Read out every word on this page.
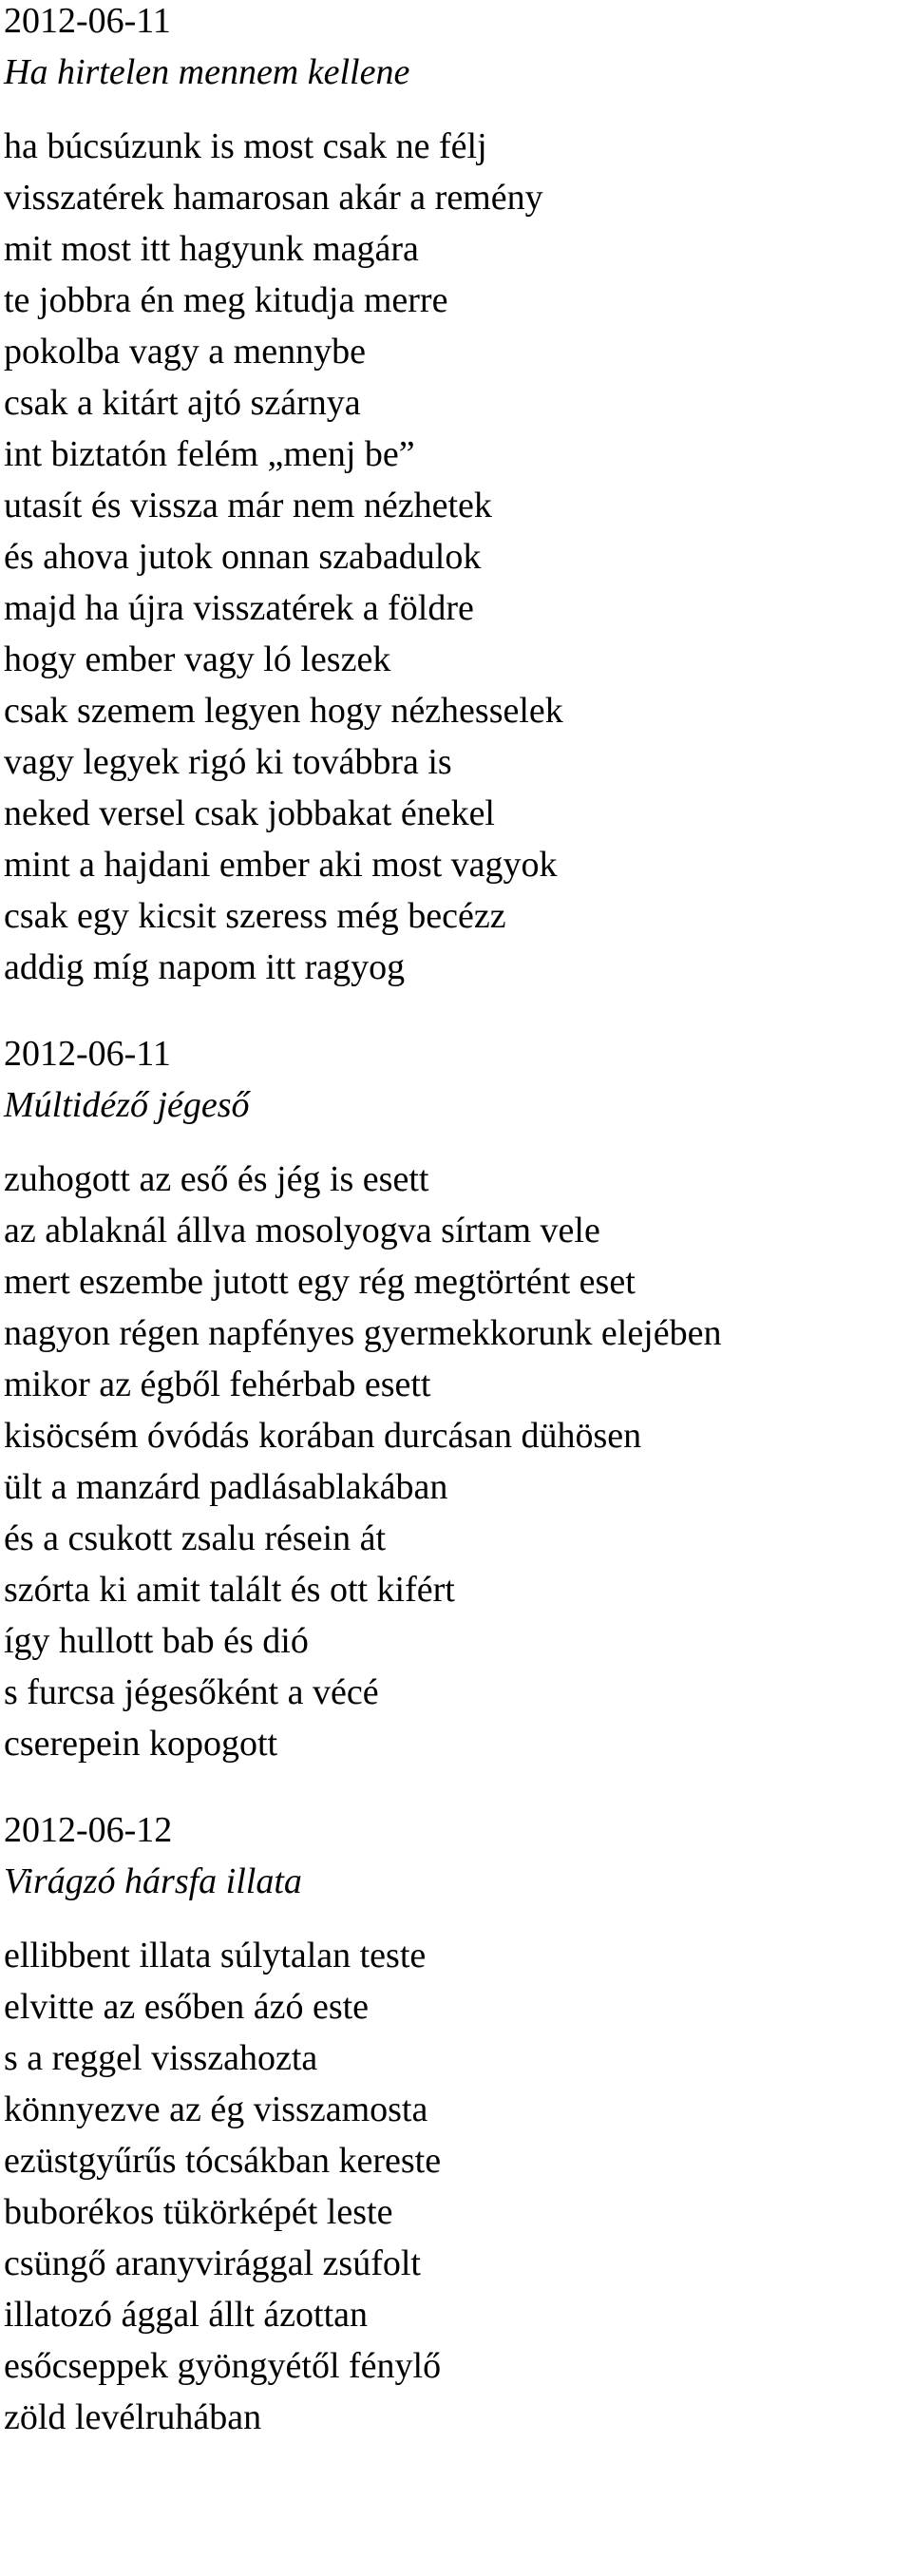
2012-06-11
Ha hirtelen mennem kellene
ha búcsúzunk is most csak ne félj
visszatérek hamarosan akár a remény
mit most itt hagyunk magára
te jobbra én meg kitudja merre
pokolba vagy a mennybe
csak a kitárt ajtó szárnya
int biztatón felém „menj be”
utasít és vissza már nem nézhetek
és ahova jutok onnan szabadulok
majd ha újra visszatérek a földre
hogy ember vagy ló leszek
csak szemem legyen hogy nézhesselek
vagy legyek rigó ki továbbra is
neked versel csak jobbakat énekel
mint a hajdani ember aki most vagyok
csak egy kicsit szeress még becézz
addig míg napom itt ragyog
2012-06-11
Múltidéző jégeső
zuhogott az eső és jég is esett
az ablaknál állva mosolyogva sírtam vele
mert eszembe jutott egy rég megtörtént eset
nagyon régen napfényes gyermekkorunk elejében
mikor az égből fehérbab esett
kisöcsém óvódás korában durcásan dühösen
ült a manzárd padlásablakában
és a csukott zsalu résein át
szórta ki amit talált és ott kifért
így hullott bab és dió
s furcsa jégesőként a vécé
cserepein kopogott
2012-06-12
Virágzó hársfa illata
ellibbent illata súlytalan teste
elvitte az esőben ázó este
s a reggel visszahozta
könnyezve az ég visszamosta
ezüstgyűrűs tócsákban kereste
buborékos tükörképét leste
csüngő aranyvirággal zsúfolt
illatozó ággal állt ázottan
esőcseppek gyöngyétől fénylő
zöld levélruhában
